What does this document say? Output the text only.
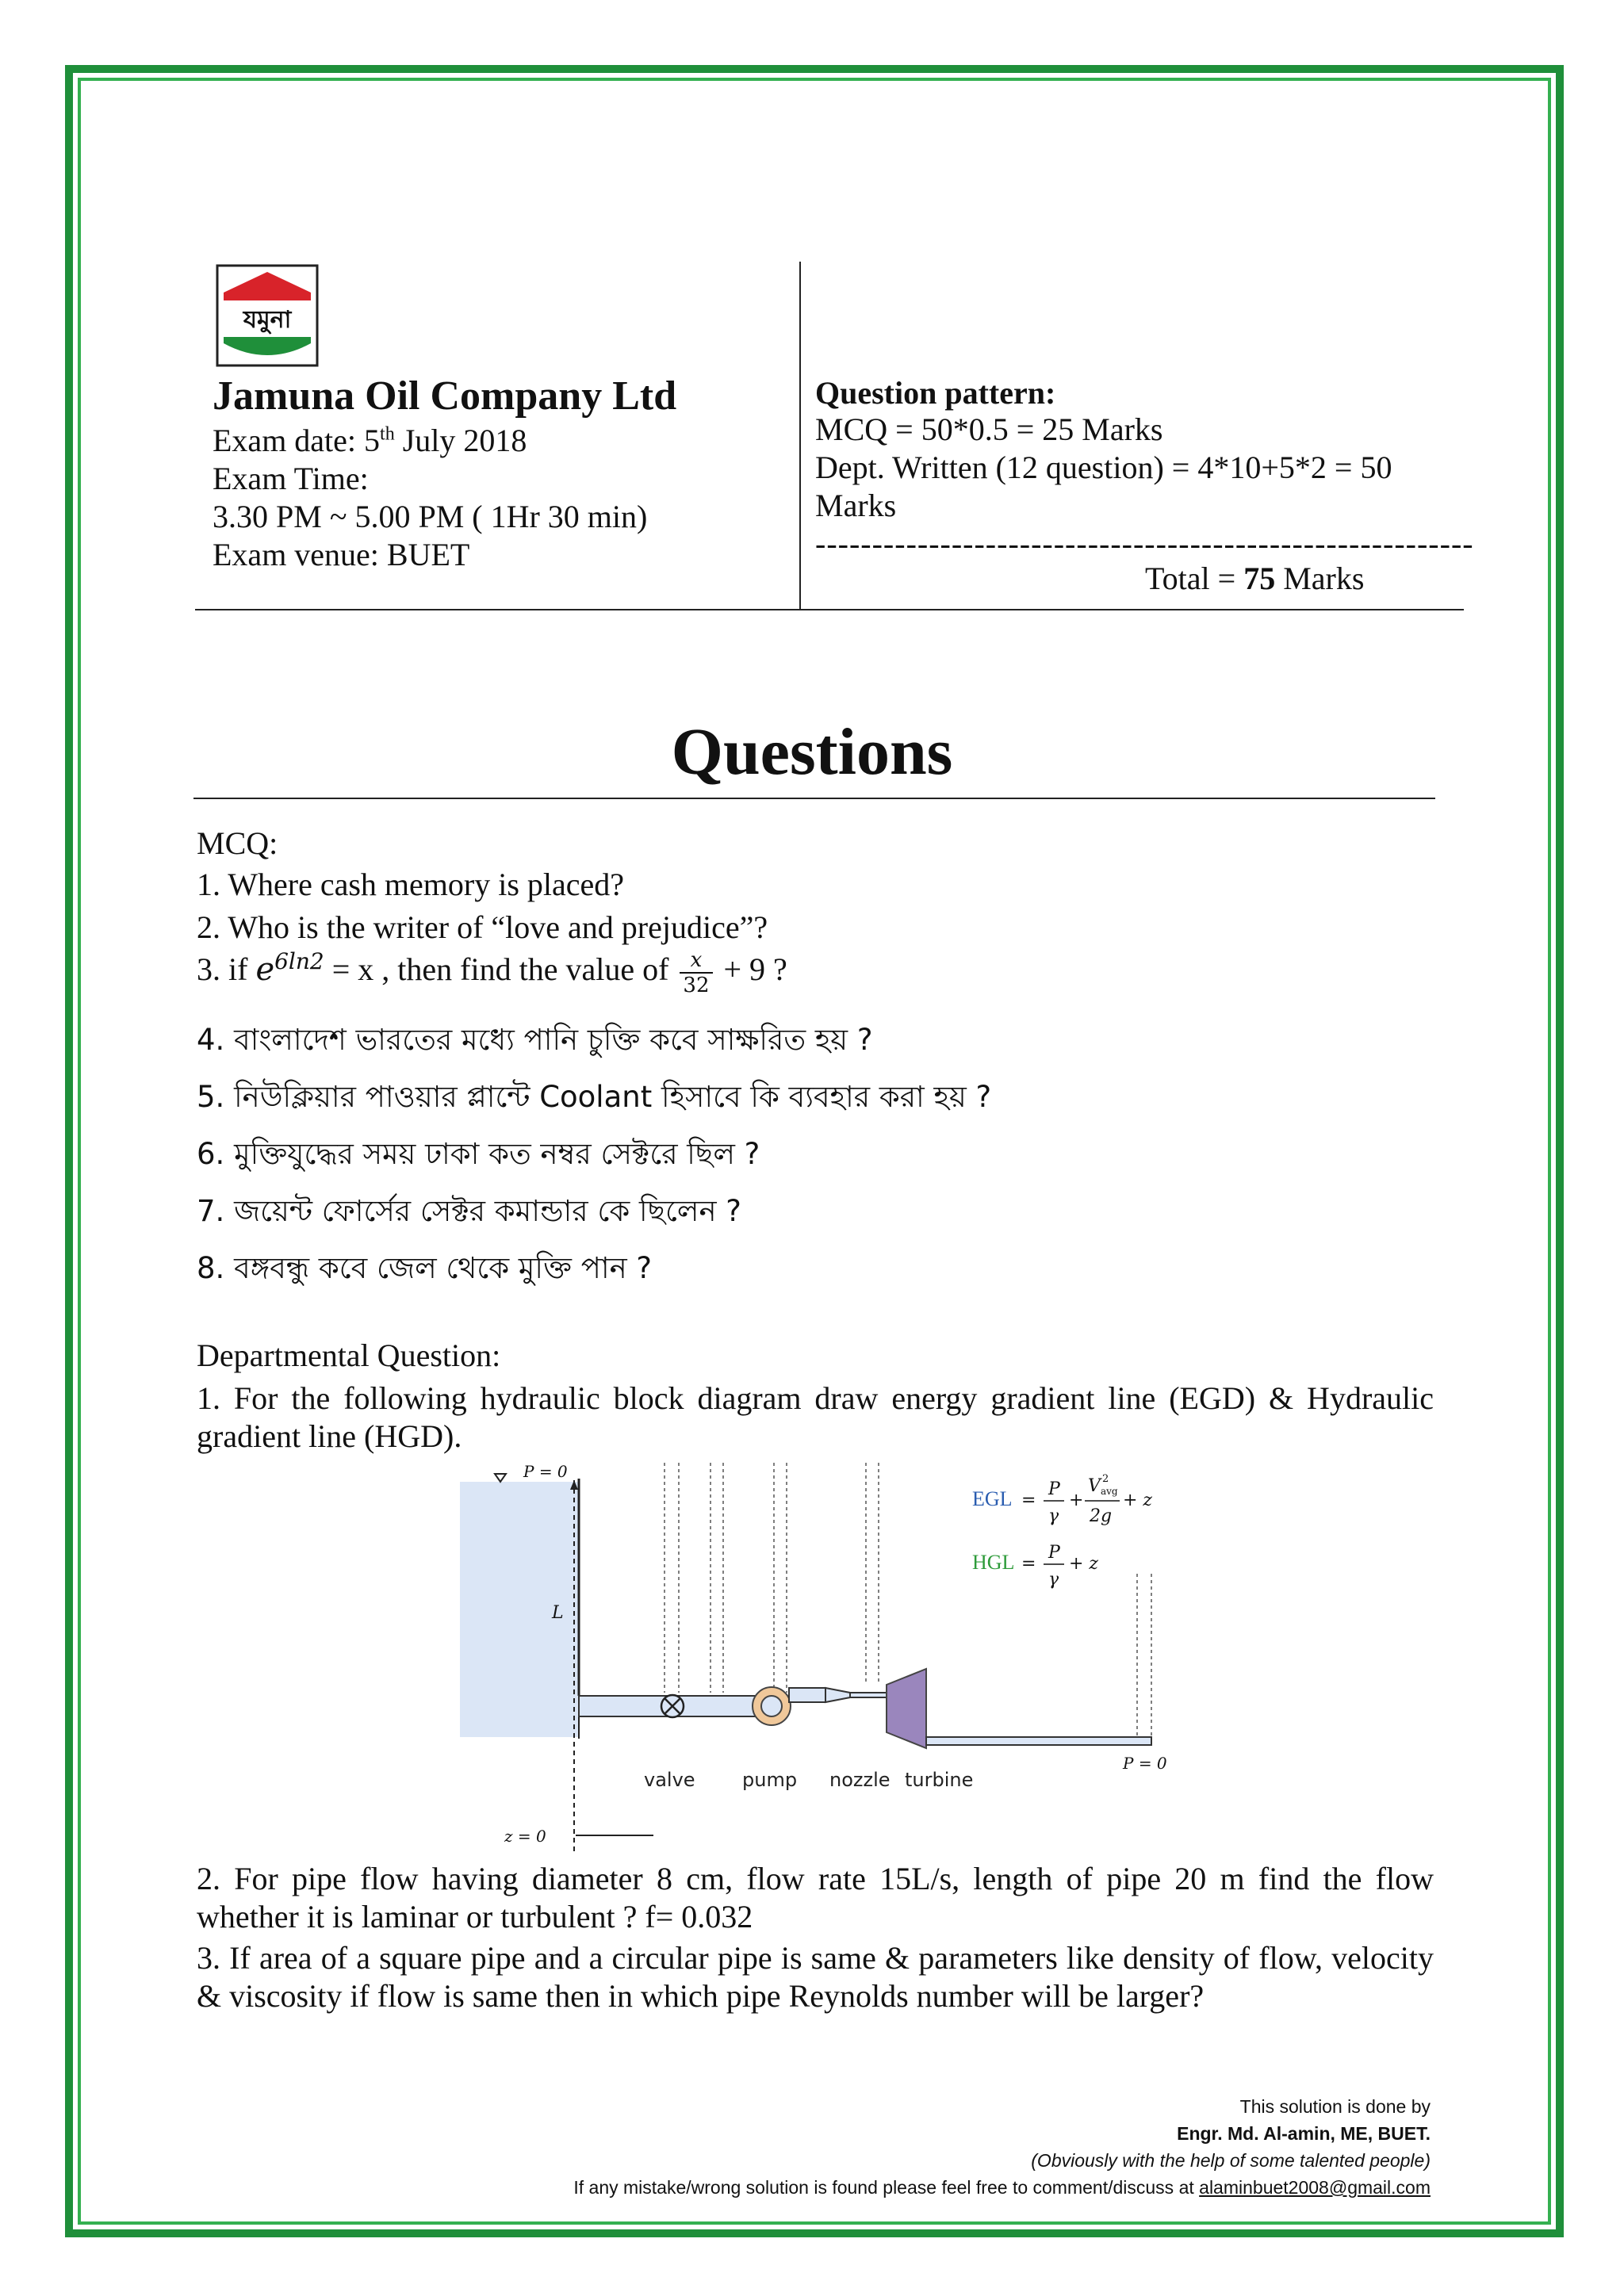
যমুনা
Jamuna Oil Company Ltd
Exam date: 5th July 2018
Exam Time:
3.30 PM ~ 5.00 PM ( 1Hr 30 min)
Exam venue: BUET
Question pattern:
MCQ = 50*0.5 = 25 Marks
Dept. Written (12 question) = 4*10+5*2 = 50
Marks
----------------------------------------------------------
Total = 75 Marks
Questions
MCQ:
1. Where cash memory is placed?
2. Who is the writer of “love and prejudice”?
3. if $e^{6ln2} = x$ , then find the value of $\frac{x}{32} + 9$ ?
4. বাংলাদেশ ভারতের মধ্যে পানি চুক্তি কবে সাক্ষরিত হয় ?
5. নিউক্লিয়ার পাওয়ার প্লান্টে Coolant হিসাবে কি ব্যবহার করা হয় ?
6. মুক্তিযুদ্ধের সময় ঢাকা কত নম্বর সেক্টরে ছিল ?
7. জয়েন্ট ফোর্সের সেক্টর কমান্ডার কে ছিলেন ?
8. বঙ্গবন্ধু কবে জেল থেকে মুক্তি পান ?
Departmental Question:
1. For the following hydraulic block diagram draw energy gradient line (EGD) & Hydraulic gradient line (HGD).
P = 0
L
z = 0
P = 0
valve pump nozzle turbine
EGL =
P
γ
+
V 2
avg
2g
+ z
HGL =
P
γ
+ z
2. For pipe flow having diameter 8 cm, flow rate 15L/s, length of pipe 20 m find the flow whether it is laminar or turbulent ? f= 0.032
3. If area of a square pipe and a circular pipe is same & parameters like density of flow, velocity & viscosity if flow is same then in which pipe Reynolds number will be larger?
This solution is done by
Engr. Md. Al-amin, ME, BUET.
(Obviously with the help of some talented people)
If any mistake/wrong solution is found please feel free to comment/discuss at alaminbuet2008@gmail.com
